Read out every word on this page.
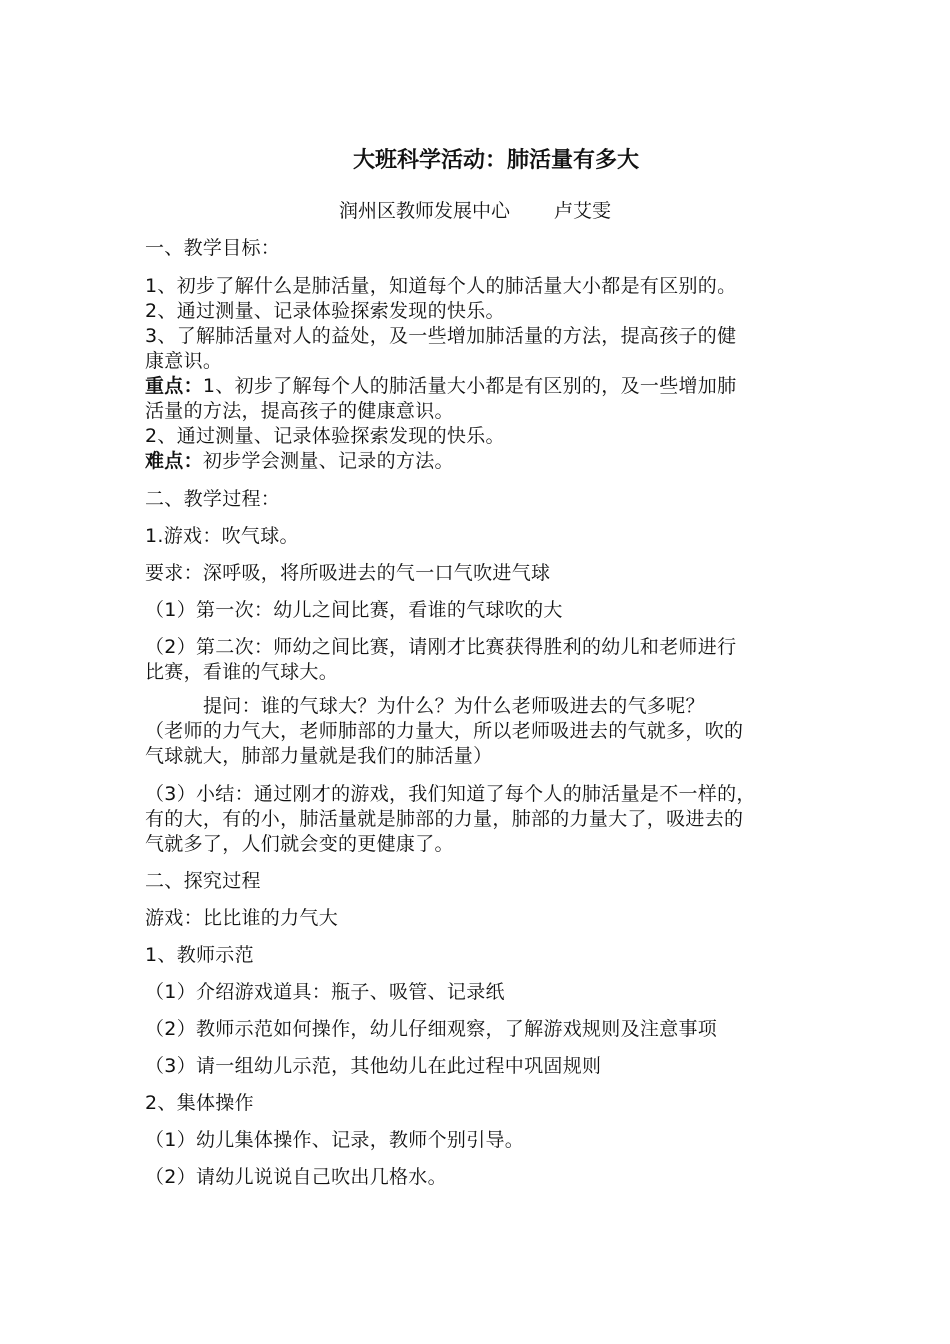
大班科学活动：肺活量有多大
润州区教师发展中心 卢艾雯
一、教学目标：
1、初步了解什么是肺活量，知道每个人的肺活量大小都是有区别的。
2、通过测量、记录体验探索发现的快乐。
3、了解肺活量对人的益处，及一些增加肺活量的方法，提高孩子的健
康意识。
重点：1、初步了解每个人的肺活量大小都是有区别的，及一些增加肺
活量的方法，提高孩子的健康意识。
2、通过测量、记录体验探索发现的快乐。
难点：初步学会测量、记录的方法。
二、教学过程：
1.游戏：吹气球。
要求：深呼吸，将所吸进去的气一口气吹进气球
（1）第一次：幼儿之间比赛，看谁的气球吹的大
（2）第二次：师幼之间比赛，请刚才比赛获得胜利的幼儿和老师进行
比赛，看谁的气球大。
提问：谁的气球大？为什么？为什么老师吸进去的气多呢？
（老师的力气大，老师肺部的力量大，所以老师吸进去的气就多，吹的
气球就大，肺部力量就是我们的肺活量）
（3）小结：通过刚才的游戏，我们知道了每个人的肺活量是不一样的，
有的大，有的小，肺活量就是肺部的力量，肺部的力量大了，吸进去的
气就多了，人们就会变的更健康了。
二、探究过程
游戏：比比谁的力气大
1、教师示范
（1）介绍游戏道具：瓶子、吸管、记录纸
（2）教师示范如何操作，幼儿仔细观察，了解游戏规则及注意事项
（3）请一组幼儿示范，其他幼儿在此过程中巩固规则
2、集体操作
（1）幼儿集体操作、记录，教师个别引导。
（2）请幼儿说说自己吹出几格水。
